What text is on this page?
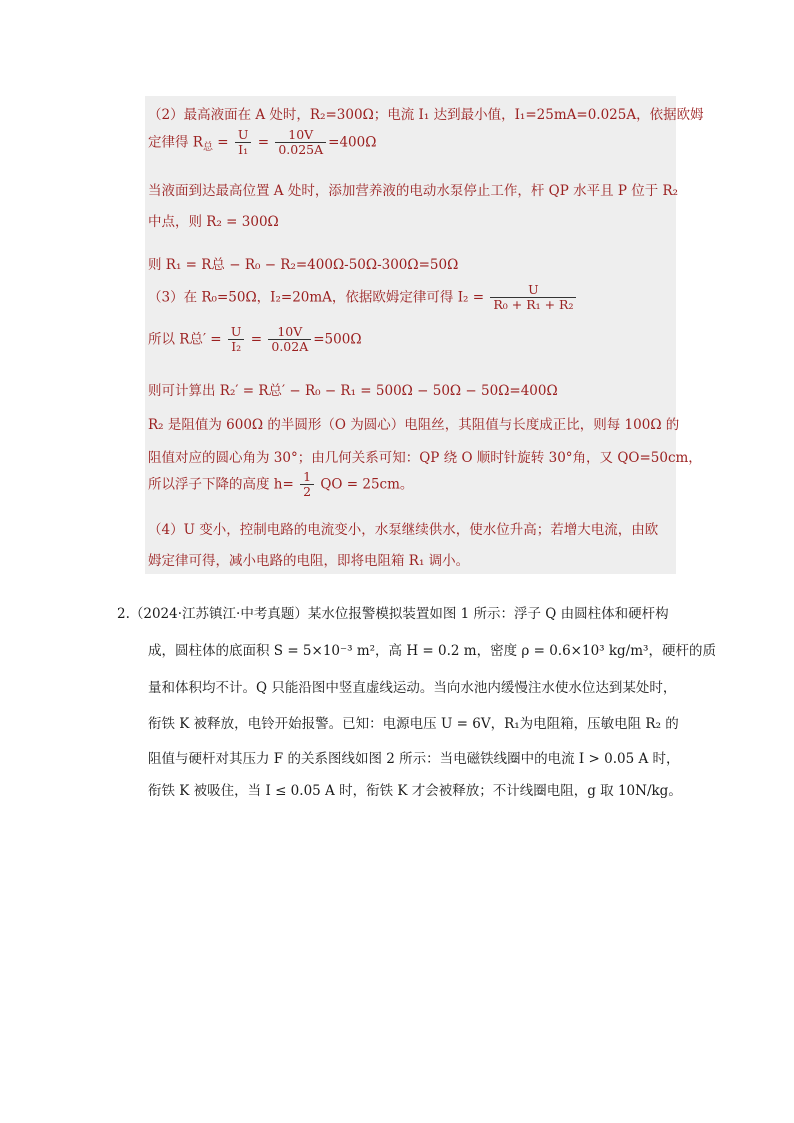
（2）最高液面在 A 处时，R₂=300Ω；电流 I₁ 达到最小值，I₁=25mA=0.025A，依据欧姆
定律得 $R_总 = \frac{U}{\text{I₁}} = \frac{10V}{0.025A} =400\Omega$
当液面到达最高位置 A 处时，添加营养液的电动水泵停止工作，杆 QP 水平且 P 位于 R₂
中点，则 R₂ = 300Ω
则 R₁ = R总 − R₀ − R₂=400Ω-50Ω-300Ω=50Ω
（3）在 R₀=50Ω，I₂=20mA，依据欧姆定律可得 $I_2 = \frac{U}{\text{R₀ + R₁ + R₂}}$
所以 R总′ = $\frac{U}{\text{I₂}} = \frac{10V}{0.02A} =500\Omega$
则可计算出 R₂′ = R总′ − R₀ − R₁ = 500Ω − 50Ω − 50Ω=400Ω
R₂ 是阻值为 600Ω 的半圆形（O 为圆心）电阻丝，其阻值与长度成正比，则每 100Ω 的
阻值对应的圆心角为 30°；由几何关系可知：QP 绕 O 顺时针旋转 30°角，又 QO=50cm，
所以浮子下降的高度 $h= \frac{1}{2}$ QO = 25cm。
（4）U 变小，控制电路的电流变小，水泵继续供水，使水位升高；若增大电流，由欧
姆定律可得，减小电路的电阻，即将电阻箱 R₁ 调小。
2.（2024·江苏镇江·中考真题）某水位报警模拟装置如图 1 所示：浮子 Q 由圆柱体和硬杆构
成，圆柱体的底面积 S = 5×10⁻³ m²，高 H = 0.2 m，密度 ρ = 0.6×10³ kg/m³，硬杆的质
量和体积均不计。Q 只能沿图中竖直虚线运动。当向水池内缓慢注水使水位达到某处时，
衔铁 K 被释放，电铃开始报警。已知：电源电压 U = 6V，R₁为电阻箱，压敏电阻 R₂ 的
阻值与硬杆对其压力 F 的关系图线如图 2 所示：当电磁铁线圈中的电流 I > 0.05 A 时，
衔铁 K 被吸住，当 I ≤ 0.05 A 时，衔铁 K 才会被释放；不计线圈电阻，g 取 10N/kg。
